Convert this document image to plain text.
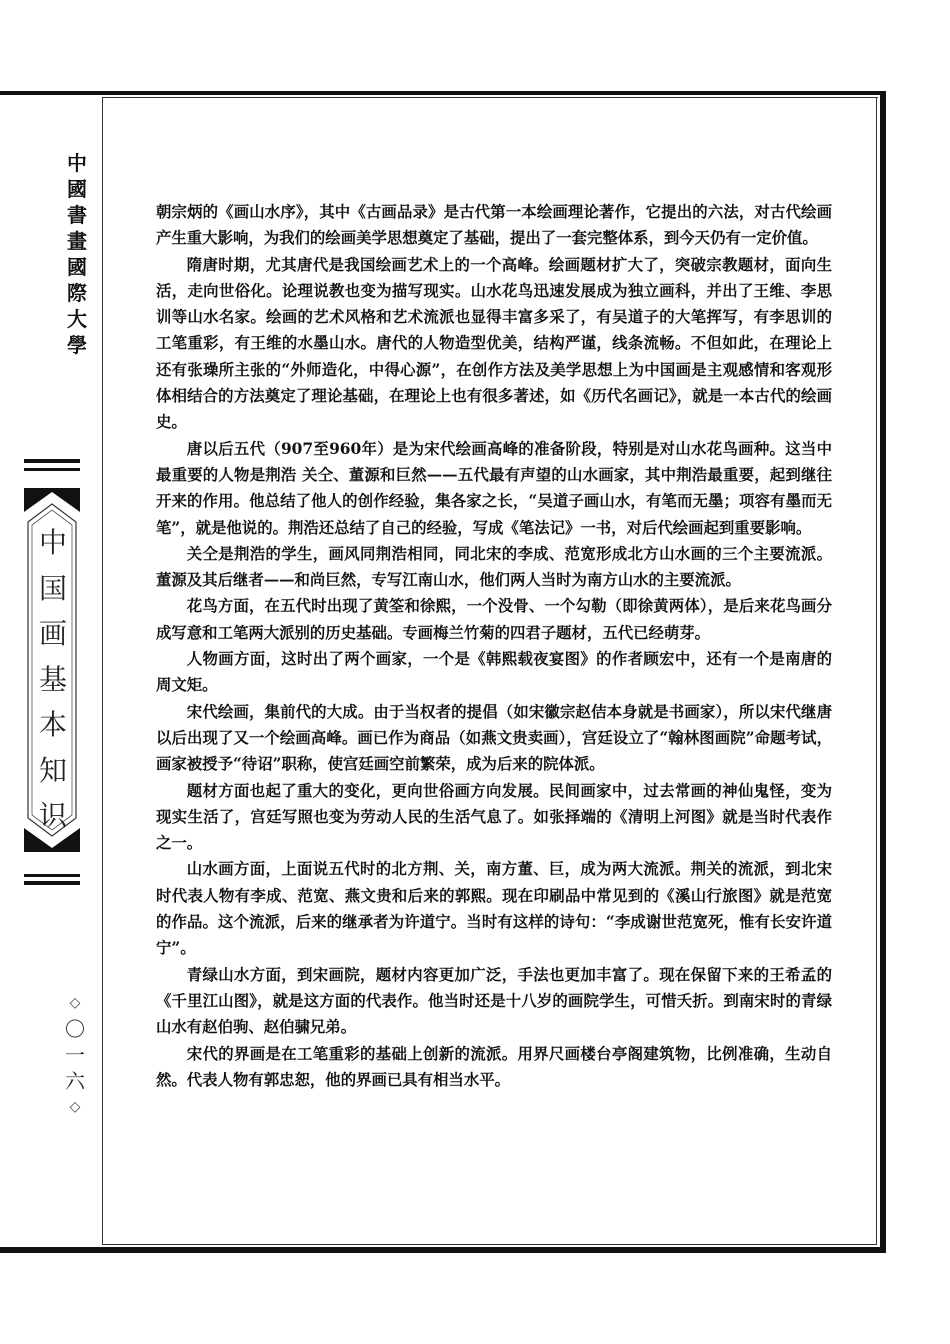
中
國
書
畫
國
際
大
學
中
国
画
基
本
知
识
◇
〇
一
六
◇

朝宗炳的《画山水序》，其中《古画品录》是古代第一本绘画理论著作，它提出的六法，对古代绘画产生重大影响，为我们的绘画美学思想奠定了基础，提出了一套完整体系，到今天仍有一定价值。

隋唐时期，尤其唐代是我国绘画艺术上的一个高峰。绘画题材扩大了，突破宗教题材，面向生活，走向世俗化。论理说教也变为描写现实。山水花鸟迅速发展成为独立画科，并出了王维、李思训等山水名家。绘画的艺术风格和艺术流派也显得丰富多采了，有吴道子的大笔挥写，有李思训的工笔重彩，有王维的水墨山水。唐代的人物造型优美，结构严谨，线条流畅。不但如此，在理论上还有张璪所主张的“外师造化，中得心源”，在创作方法及美学思想上为中国画是主观感情和客观形体相结合的方法奠定了理论基础，在理论上也有很多著述，如《历代名画记》，就是一本古代的绘画史。

唐以后五代（907至960年）是为宋代绘画高峰的准备阶段，特别是对山水花鸟画种。这当中最重要的人物是荆浩 关仝、董源和巨然——五代最有声望的山水画家，其中荆浩最重要，起到继往开来的作用。他总结了他人的创作经验，集各家之长，“吴道子画山水，有笔而无墨；项容有墨而无笔”，就是他说的。荆浩还总结了自己的经验，写成《笔法记》一书，对后代绘画起到重要影响。

关仝是荆浩的学生，画风同荆浩相同，同北宋的李成、范宽形成北方山水画的三个主要流派。董源及其后继者——和尚巨然，专写江南山水，他们两人当时为南方山水的主要流派。

花鸟方面，在五代时出现了黄筌和徐熙，一个没骨、一个勾勒（即徐黄两体），是后来花鸟画分成写意和工笔两大派别的历史基础。专画梅兰竹菊的四君子题材，五代已经萌芽。

人物画方面，这时出了两个画家，一个是《韩熙载夜宴图》的作者顾宏中，还有一个是南唐的周文矩。

宋代绘画，集前代的大成。由于当权者的提倡（如宋徽宗赵佶本身就是书画家），所以宋代继唐以后出现了又一个绘画高峰。画已作为商品（如燕文贵卖画），宫廷设立了“翰林图画院”命题考试，画家被授予“待诏”职称，使宫廷画空前繁荣，成为后来的院体派。

题材方面也起了重大的变化，更向世俗画方向发展。民间画家中，过去常画的神仙鬼怪，变为现实生活了，宫廷写照也变为劳动人民的生活气息了。如张择端的《清明上河图》就是当时代表作之一。

山水画方面，上面说五代时的北方荆、关，南方董、巨，成为两大流派。荆关的流派，到北宋时代表人物有李成、范宽、燕文贵和后来的郭熙。现在印刷品中常见到的《溪山行旅图》就是范宽的作品。这个流派，后来的继承者为许道宁。当时有这样的诗句：“李成谢世范宽死，惟有长安许道宁”。

青绿山水方面，到宋画院，题材内容更加广泛，手法也更加丰富了。现在保留下来的王希孟的《千里江山图》，就是这方面的代表作。他当时还是十八岁的画院学生，可惜夭折。到南宋时的青绿山水有赵伯驹、赵伯骕兄弟。

宋代的界画是在工笔重彩的基础上创新的流派。用界尺画楼台亭阁建筑物，比例准确，生动自然。代表人物有郭忠恕，他的界画已具有相当水平。
